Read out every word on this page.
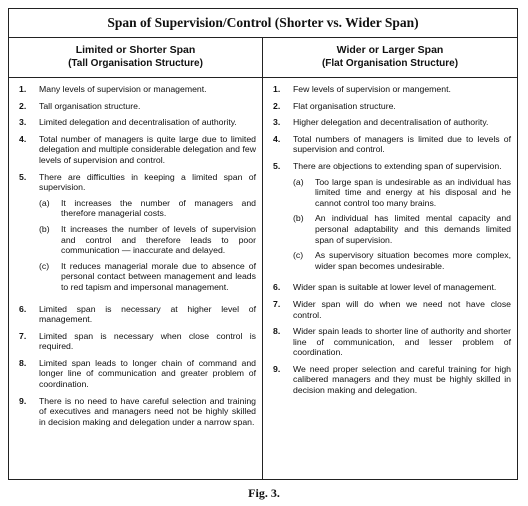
Span of Supervision/Control (Shorter vs. Wider Span)
Limited or Shorter Span
(Tall Organisation Structure)
1.	Many levels of supervision or management.
2.	Tall organisation structure.
3.	Limited delegation and decentralisation of authority.
4.	Total number of managers is quite large due to limited delegation and multiple considerable delegation and few levels of supervision and control.
5.	There are difficulties in keeping a limited span of supervision.
(a)	It increases the number of managers and therefore managerial costs.
(b)	It increases the number of levels of supervision and control and therefore leads to poor communication — inaccurate and delayed.
(c)	It reduces managerial morale due to absence of personal contact between management and leads to red tapism and impersonal management.
6.	Limited span is necessary at higher level of management.
7.	Limited span is necessary when close control is required.
8.	Limited span leads to longer chain of command and longer line of communication and greater problem of coordination.
9.	There is no need to have careful selection and training of executives and managers need not be highly skilled in decision making and delegation under a narrow span.
Wider or Larger Span
(Flat Organisation Structure)
1.	Few levels of supervision or mangement.
2.	Flat organisation structure.
3.	Higher delegation and decentralisation of authority.
4.	Total numbers of managers is limited due to levels of supervision and control.
5.	There are objections to extending span of supervision.
(a)	Too large span is undesirable as an individual has limited time and energy at his disposal and he cannot control too many brains.
(b)	An individual has limited mental capacity and personal adaptability and this demands limited span of supervision.
(c)	As supervisory situation becomes more complex, wider span becomes undesirable.
6.	Wider span is suitable at lower level of management.
7.	Wider span will do when we need not have close control.
8.	Wider spain leads to shorter line of authority and shorter line of communication, and lesser problem of coordination.
9.	We need proper selection and careful training for high calibered managers and they must be highly skilled in decision making and delegation.
Fig. 3.
